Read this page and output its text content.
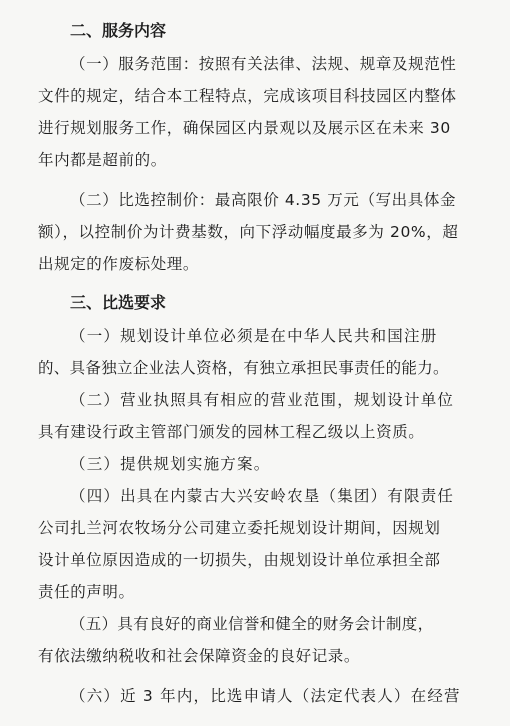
二、服务内容
（一）服务范围：按照有关法律、法规、规章及规范性
文件的规定，结合本工程特点，完成该项目科技园区内整体
进行规划服务工作，确保园区内景观以及展示区在未来 30
年内都是超前的。
（二）比选控制价：最高限价 4.35 万元（写出具体金
额），以控制价为计费基数，向下浮动幅度最多为 20%，超
出规定的作废标处理。
三、比选要求
（一）规划设计单位必须是在中华人民共和国注册
的、具备独立企业法人资格，有独立承担民事责任的能力。
（二）营业执照具有相应的营业范围，规划设计单位
具有建设行政主管部门颁发的园林工程乙级以上资质。
（三）提供规划实施方案。
（四）出具在内蒙古大兴安岭农垦（集团）有限责任
公司扎兰河农牧场分公司建立委托规划设计期间，因规划
设计单位原因造成的一切损失，由规划设计单位承担全部
责任的声明。
（五）具有良好的商业信誉和健全的财务会计制度，
有依法缴纳税收和社会保障资金的良好记录。
（六）近 3 年内，比选申请人（法定代表人）在经营
